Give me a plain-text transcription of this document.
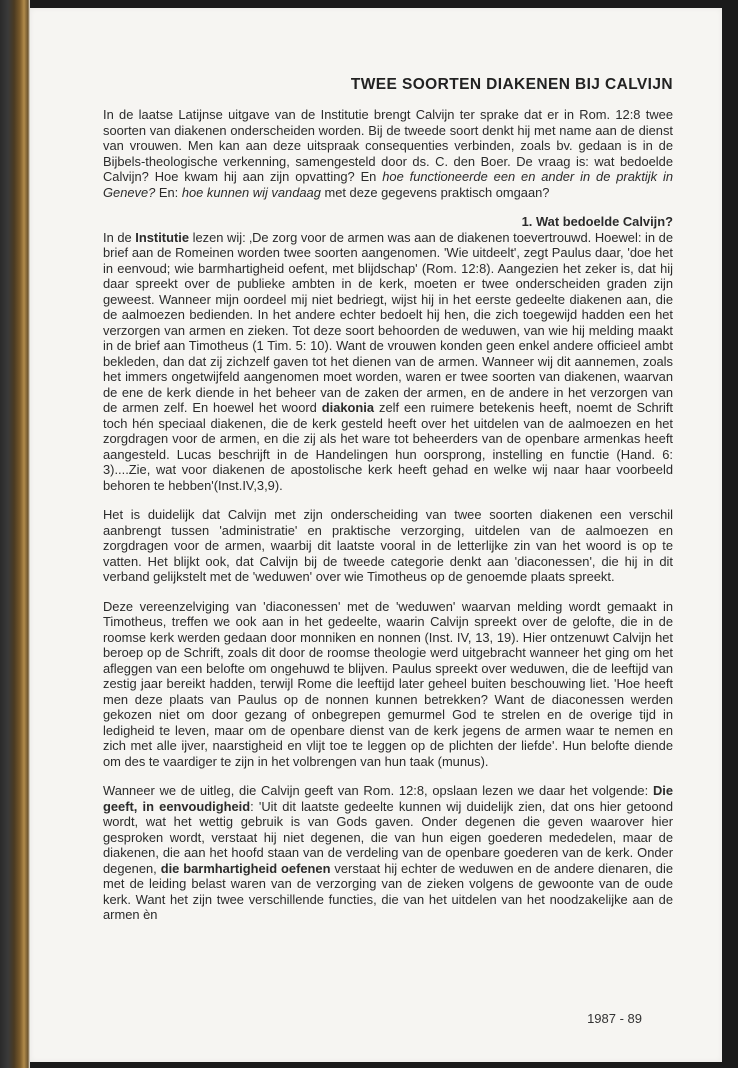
TWEE SOORTEN DIAKENEN BIJ CALVIJN

In de laatse Latijnse uitgave van de Institutie brengt Calvijn ter sprake dat er in Rom. 12:8 twee soorten van diakenen onderscheiden worden. Bij de tweede soort denkt hij met name aan de dienst van vrouwen. Men kan aan deze uitspraak consequenties verbinden, zoals bv. gedaan is in de Bijbels-theologische verkenning, samengesteld door ds. C. den Boer. De vraag is: wat bedoelde Calvijn? Hoe kwam hij aan zijn opvatting? En hoe functioneerde een en ander in de praktijk in Geneve? En: hoe kunnen wij vandaag met deze gegevens praktisch omgaan?

1. Wat bedoelde Calvijn?

In de Institutie lezen wij: ‚De zorg voor de armen was aan de diakenen toevertrouwd. Hoewel: in de brief aan de Romeinen worden twee soorten aangenomen. 'Wie uitdeelt', zegt Paulus daar, 'doe het in eenvoud; wie barmhartigheid oefent, met blijdschap' (Rom. 12:8). Aangezien het zeker is, dat hij daar spreekt over de publieke ambten in de kerk, moeten er twee onderscheiden graden zijn geweest. Wanneer mijn oordeel mij niet bedriegt, wijst hij in het eerste gedeelte diakenen aan, die de aalmoezen bedienden. In het andere echter bedoelt hij hen, die zich toegewijd hadden een het verzorgen van armen en zieken. Tot deze soort behoorden de weduwen, van wie hij melding maakt in de brief aan Timotheus (1 Tim. 5: 10). Want de vrouwen konden geen enkel andere officieel ambt bekleden, dan dat zij zichzelf gaven tot het dienen van de armen. Wanneer wij dit aannemen, zoals het immers ongetwijfeld aangenomen moet worden, waren er twee soorten van diakenen, waarvan de ene de kerk diende in het beheer van de zaken der armen, en de andere in het verzorgen van de armen zelf. En hoewel het woord diakonia zelf een ruimere betekenis heeft, noemt de Schrift toch hén speciaal diakenen, die de kerk gesteld heeft over het uitdelen van de aalmoezen en het zorgdragen voor de armen, en die zij als het ware tot beheerders van de openbare armenkas heeft aangesteld. Lucas beschrijft in de Handelingen hun oorsprong, instelling en functie (Hand. 6: 3)....Zie, wat voor diakenen de apostolische kerk heeft gehad en welke wij naar haar voorbeeld behoren te hebben'(Inst.IV,3,9).

Het is duidelijk dat Calvijn met zijn onderscheiding van twee soorten diakenen een verschil aanbrengt tussen 'administratie' en praktische verzorging, uitdelen van de aalmoezen en zorgdragen voor de armen, waarbij dit laatste vooral in de letterlijke zin van het woord is op te vatten. Het blijkt ook, dat Calvijn bij de tweede categorie denkt aan 'diaconessen', die hij in dit verband gelijkstelt met de 'weduwen' over wie Timotheus op de genoemde plaats spreekt.

Deze vereenzelviging van 'diaconessen' met de 'weduwen' waarvan melding wordt gemaakt in Timotheus, treffen we ook aan in het gedeelte, waarin Calvijn spreekt over de gelofte, die in de roomse kerk werden gedaan door monniken en nonnen (Inst. IV, 13, 19). Hier ontzenuwt Calvijn het beroep op de Schrift, zoals dit door de roomse theologie werd uitgebracht wanneer het ging om het afleggen van een belofte om ongehuwd te blijven. Paulus spreekt over weduwen, die de leeftijd van zestig jaar bereikt hadden, terwijl Rome die leeftijd later geheel buiten beschouwing liet. 'Hoe heeft men deze plaats van Paulus op de nonnen kunnen betrekken? Want de diaconessen werden gekozen niet om door gezang of onbegrepen gemurmel God te strelen en de overige tijd in ledigheid te leven, maar om de openbare dienst van de kerk jegens de armen waar te nemen en zich met alle ijver, naarstigheid en vlijt toe te leggen op de plichten der liefde'. Hun belofte diende om des te vaardiger te zijn in het volbrengen van hun taak (munus).

Wanneer we de uitleg, die Calvijn geeft van Rom. 12:8, opslaan lezen we daar het volgende: Die geeft, in eenvoudigheid: 'Uit dit laatste gedeelte kunnen wij duidelijk zien, dat ons hier getoond wordt, wat het wettig gebruik is van Gods gaven. Onder degenen die geven waarover hier gesproken wordt, verstaat hij niet degenen, die van hun eigen goederen mededelen, maar de diakenen, die aan het hoofd staan van de verdeling van de openbare goederen van de kerk. Onder degenen, die barmhartigheid oefenen verstaat hij echter de weduwen en de andere dienaren, die met de leiding belast waren van de verzorging van de zieken volgens de gewoonte van de oude kerk. Want het zijn twee verschillende functies, die van het uitdelen van het noodzakelijke aan de armen èn

1987 - 89
